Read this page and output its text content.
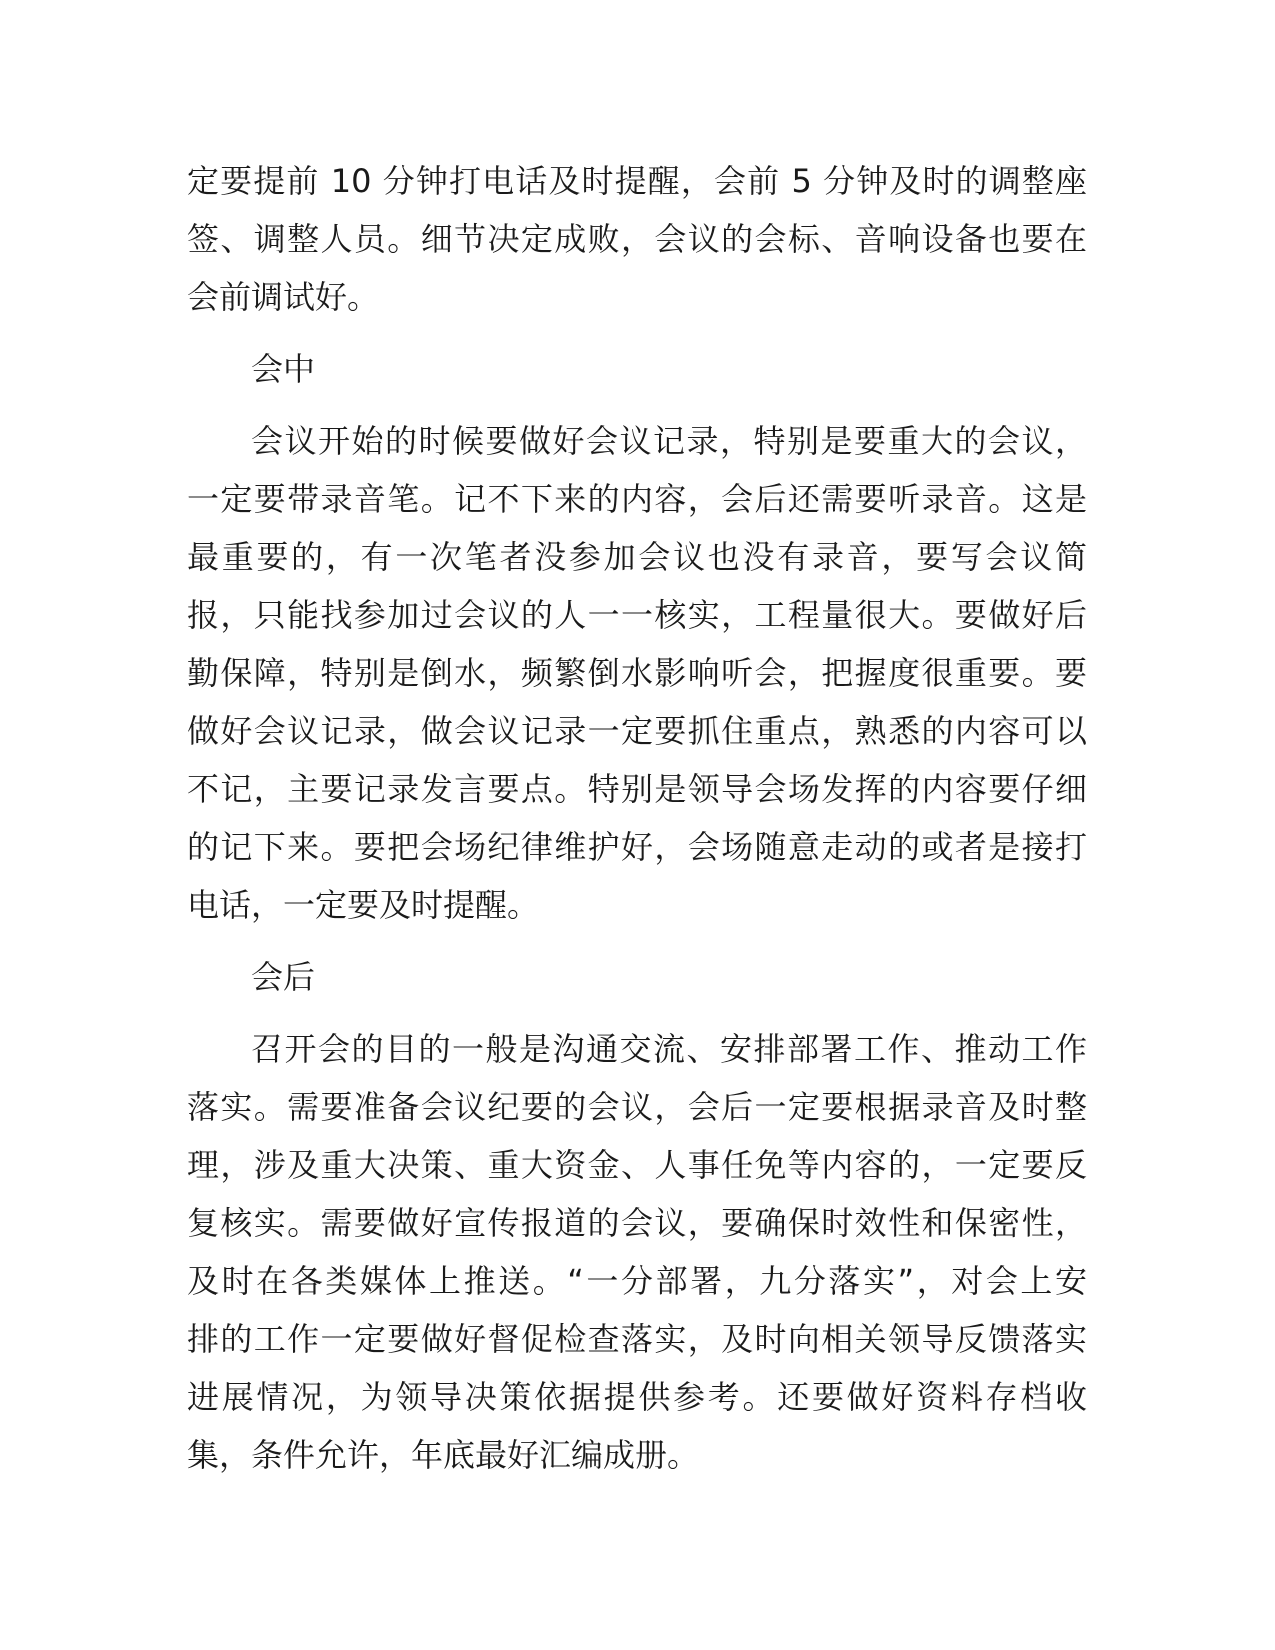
定要提前 10 分钟打电话及时提醒，会前 5 分钟及时的调整座
签、调整人员。细节决定成败，会议的会标、音响设备也要在
会前调试好。
会中
会议开始的时候要做好会议记录，特别是要重大的会议，
一定要带录音笔。记不下来的内容，会后还需要听录音。这是
最重要的，有一次笔者没参加会议也没有录音，要写会议简
报，只能找参加过会议的人一一核实，工程量很大。要做好后
勤保障，特别是倒水，频繁倒水影响听会，把握度很重要。要
做好会议记录，做会议记录一定要抓住重点，熟悉的内容可以
不记，主要记录发言要点。特别是领导会场发挥的内容要仔细
的记下来。要把会场纪律维护好，会场随意走动的或者是接打
电话，一定要及时提醒。
会后
召开会的目的一般是沟通交流、安排部署工作、推动工作
落实。需要准备会议纪要的会议，会后一定要根据录音及时整
理，涉及重大决策、重大资金、人事任免等内容的，一定要反
复核实。需要做好宣传报道的会议，要确保时效性和保密性，
及时在各类媒体上推送。“一分部署，九分落实”，对会上安
排的工作一定要做好督促检查落实，及时向相关领导反馈落实
进展情况，为领导决策依据提供参考。还要做好资料存档收
集，条件允许，年底最好汇编成册。
